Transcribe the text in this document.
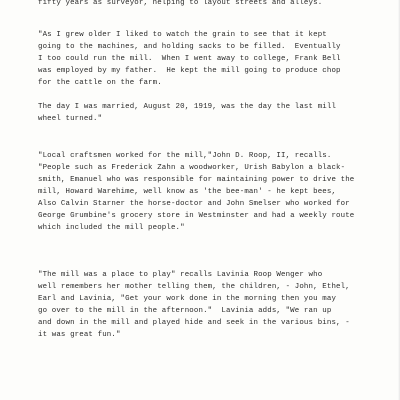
fifty years as surveyor, helping to layout streets and alleys.

"As I grew older I liked to watch the grain to see that it kept
going to the machines, and holding sacks to be filled.  Eventually
I too could run the mill.  When I went away to college, Frank Bell
was employed by my father.  He kept the mill going to produce chop
for the cattle on the farm.

The day I was married, August 20, 1919, was the day the last mill
wheel turned."

"Local craftsmen worked for the mill,"John D. Roop, II, recalls.
"People such as Frederick Zahn a woodworker, Urish Babylon a black-
smith, Emanuel who was responsible for maintaining power to drive the
mill, Howard Warehime, well know as 'the bee-man' - he kept bees,
Also Calvin Starner the horse-doctor and John Smelser who worked for
George Grumbine's grocery store in Westminster and had a weekly route
which included the mill people."

"The mill was a place to play" recalls Lavinia Roop Wenger who
well remembers her mother telling them, the children, - John, Ethel,
Earl and Lavinia, "Get your work done in the morning then you may
go over to the mill in the afternoon."  Lavinia adds, "We ran up
and down in the mill and played hide and seek in the various bins, -
it was great fun."
